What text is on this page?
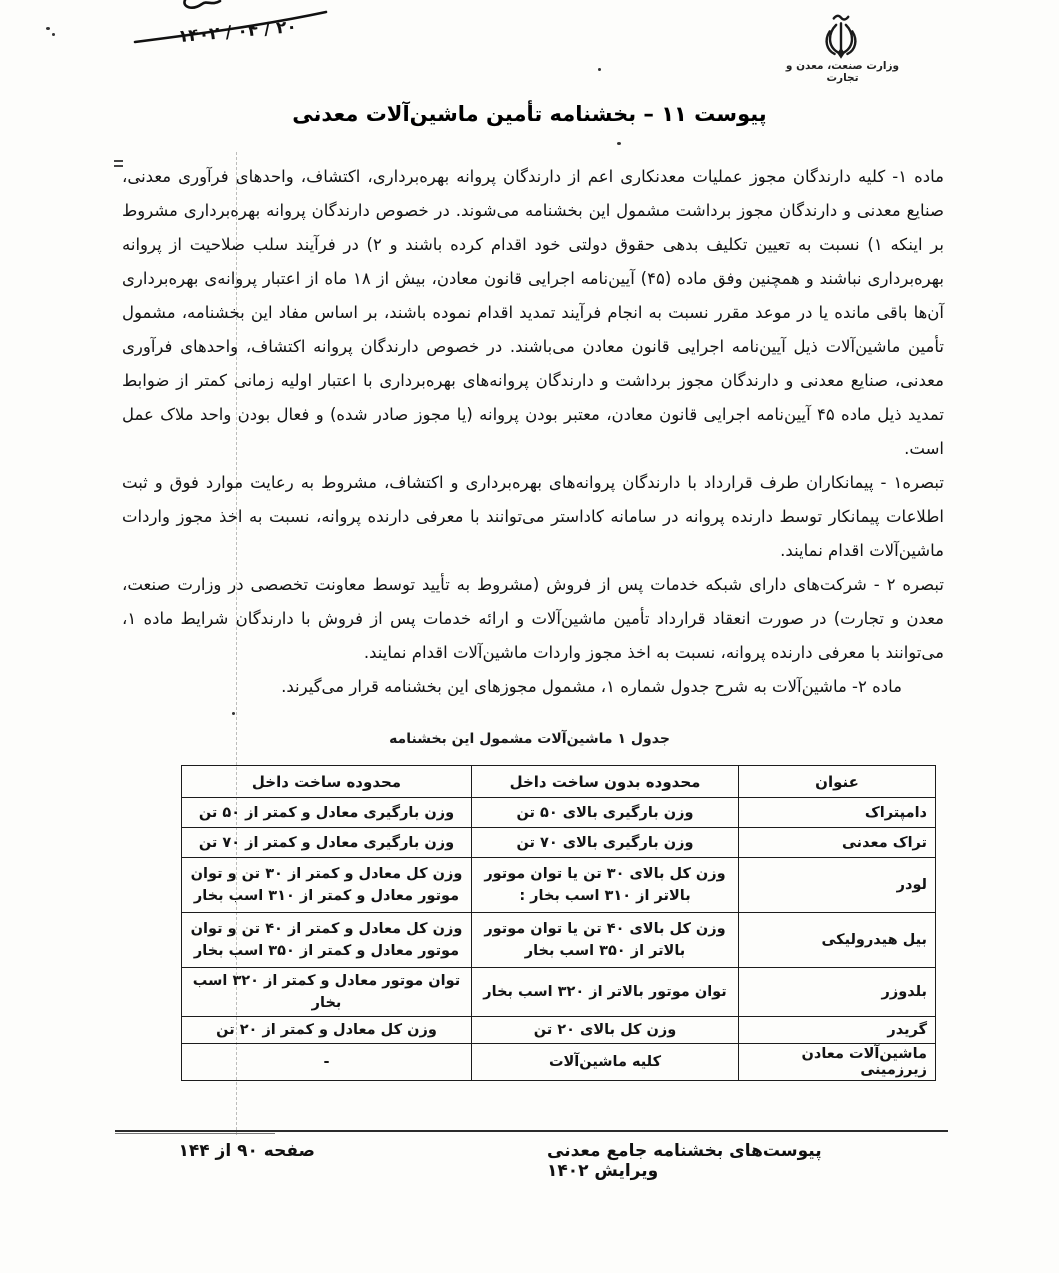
۱۴۰۲ / ۰۴ / ۲۰
وزارت صنعت، معدن و تجارت
پیوست ۱۱ – بخشنامه تأمین ماشین‌آلات معدنی

ماده ۱- کلیه دارندگان مجوز عملیات معدنکاری اعم از دارندگان پروانه بهره‌برداری، اکتشاف، واحدهای فرآوری معدنی، صنایع معدنی و دارندگان مجوز برداشت مشمول این بخشنامه می‌شوند. در خصوص دارندگان پروانه بهره‌برداری مشروط بر اینکه ۱) نسبت به تعیین تکلیف بدهی حقوق دولتی خود اقدام کرده باشند و ۲) در فرآیند سلب صلاحیت از پروانه بهره‌برداری نباشند و همچنین وفق ماده (۴۵) آیین‌نامه اجرایی قانون معادن، بیش از ۱۸ ماه از اعتبار پروانه‌ی بهره‌برداری آن‌ها باقی مانده یا در موعد مقرر نسبت به انجام فرآیند تمدید اقدام نموده باشند، بر اساس مفاد این بخشنامه، مشمول تأمین ماشین‌آلات ذیل آیین‌نامه اجرایی قانون معادن می‌باشند. در خصوص دارندگان پروانه اکتشاف، واحدهای فرآوری معدنی، صنایع معدنی و دارندگان مجوز برداشت و دارندگان پروانه‌های بهره‌برداری با اعتبار اولیه زمانی کمتر از ضوابط تمدید ذیل ماده ۴۵ آیین‌نامه اجرایی قانون معادن، معتبر بودن پروانه (یا مجوز صادر شده) و فعال بودن واحد ملاک عمل است.

تبصره۱ - پیمانکاران طرف قرارداد با دارندگان پروانه‌های بهره‌برداری و اکتشاف، مشروط به رعایت موارد فوق و ثبت اطلاعات پیمانکار توسط دارنده پروانه در سامانه کاداستر می‌توانند با معرفی دارنده پروانه، نسبت به اخذ مجوز واردات ماشین‌آلات اقدام نمایند.

تبصره ۲ - شرکت‌های دارای شبکه خدمات پس از فروش (مشروط به تأیید توسط معاونت تخصصی در وزارت صنعت، معدن و تجارت) در صورت انعقاد قرارداد تأمین ماشین‌آلات و ارائه خدمات پس از فروش با دارندگان شرایط ماده ۱، می‌توانند با معرفی دارنده پروانه، نسبت به اخذ مجوز واردات ماشین‌آلات اقدام نمایند.

ماده ۲- ماشین‌آلات به شرح جدول شماره ۱، مشمول مجوزهای این بخشنامه قرار می‌گیرند.

جدول ۱ ماشین‌آلات مشمول این بخشنامه
عنوان	محدوده بدون ساخت داخل	محدوده ساخت داخل
دامپتراک	وزن بارگیری بالای ۵۰ تن	وزن بارگیری معادل و کمتر از ۵۰ تن
تراک معدنی	وزن بارگیری بالای ۷۰ تن	وزن بارگیری معادل و کمتر از ۷۰ تن
لودر	وزن کل بالای ۳۰ تن یا توان موتور بالاتر از ۳۱۰ اسب بخار :	وزن کل معادل و کمتر از ۳۰ تن و توان موتور معادل و کمتر از ۳۱۰ اسب بخار
بیل هیدرولیکی	وزن کل بالای ۴۰ تن یا توان موتور بالاتر از ۳۵۰ اسب بخار	وزن کل معادل و کمتر از ۴۰ تن و توان موتور معادل و کمتر از ۳۵۰ اسب بخار
بلدوزر	توان موتور بالاتر از ۳۲۰ اسب بخار	توان موتور معادل و کمتر از ۳۲۰ اسب بخار
گریدر	وزن کل بالای ۲۰ تن	وزن کل معادل و کمتر از ۲۰ تن
ماشین‌آلات معادن زیرزمینی	کلیه ماشین‌آلات	-
پیوست‌های بخشنامه جامع معدنی ویرایش ۱۴۰۲
صفحه ۹۰ از ۱۴۴
